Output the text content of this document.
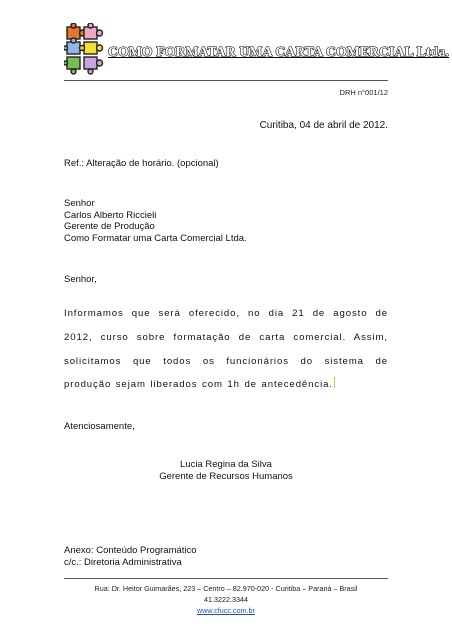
COMO FORMATAR UMA CARTA COMERCIAL Ltda.
DRH n°001/12
Curitiba, 04 de abril de 2012.
Ref.: Alteração de horário. (opcional)
Senhor
Carlos Alberto Riccieli
Gerente de Produção
Como Formatar uma Carta Comercial Ltda.
Senhor,
Informamos que será oferecido, no dia 21 de agosto de 2012, curso sobre formatação de carta comercial. Assim, solicitamos que todos os funcionários do sistema de produção sejam liberados com 1h de antecedência.
Atenciosamente,
Lucia Regina da Silva
Gerente de Recursos Humanos
Anexo: Conteúdo Programático
c/c.: Diretoria Administrativa
Rua: Dr. Heitor Guimarães, 223 – Centro – 82.970-020 - Curitiba – Paraná – Brasil
41.3222.3344
www.cfucc.com.br
